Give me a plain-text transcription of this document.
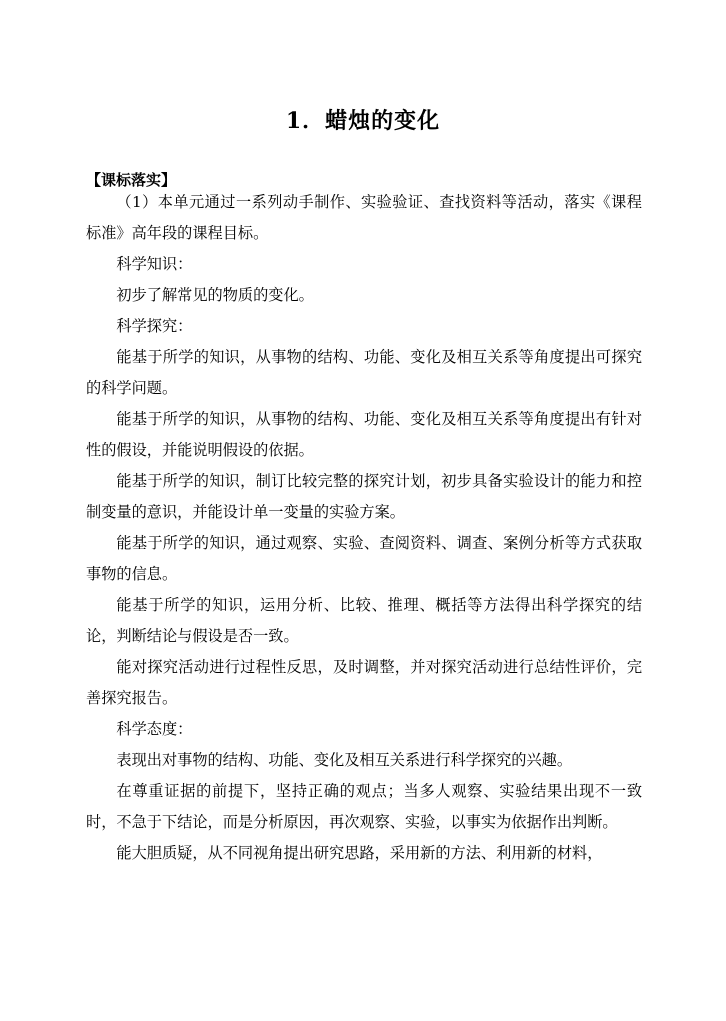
1．蜡烛的变化
【课标落实】

（1）本单元通过一系列动手制作、实验验证、查找资料等活动，落实《课程标准》高年段的课程目标。

科学知识：

初步了解常见的物质的变化。

科学探究：

能基于所学的知识，从事物的结构、功能、变化及相互关系等角度提出可探究的科学问题。

能基于所学的知识，从事物的结构、功能、变化及相互关系等角度提出有针对性的假设，并能说明假设的依据。

能基于所学的知识，制订比较完整的探究计划，初步具备实验设计的能力和控制变量的意识，并能设计单一变量的实验方案。

能基于所学的知识，通过观察、实验、查阅资料、调查、案例分析等方式获取事物的信息。

能基于所学的知识，运用分析、比较、推理、概括等方法得出科学探究的结论，判断结论与假设是否一致。

能对探究活动进行过程性反思，及时调整，并对探究活动进行总结性评价，完善探究报告。

科学态度：

表现出对事物的结构、功能、变化及相互关系进行科学探究的兴趣。

在尊重证据的前提下，坚持正确的观点；当多人观察、实验结果出现不一致时，不急于下结论，而是分析原因，再次观察、实验，以事实为依据作出判断。

能大胆质疑，从不同视角提出研究思路，采用新的方法、利用新的材料，
